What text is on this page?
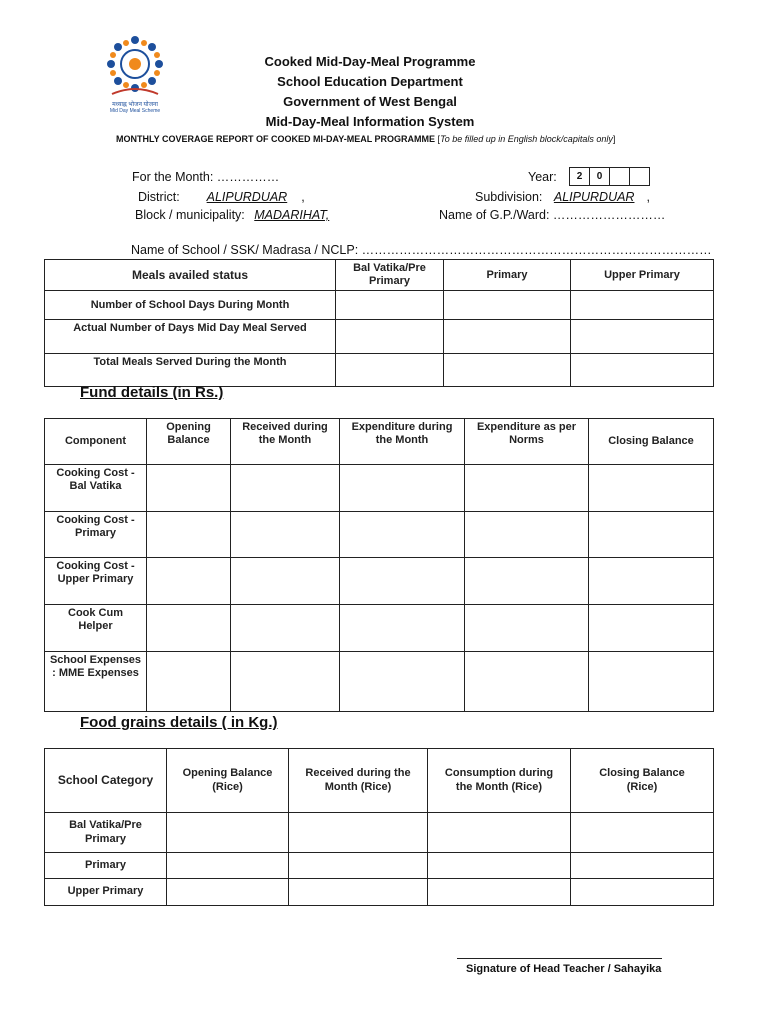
मध्याह्न भोजन योजना
Mid Day Meal Scheme
Cooked Mid-Day-Meal Programme
School Education Department
Government of West Bengal
Mid-Day-Meal Information System
MONTHLY COVERAGE REPORT OF COOKED MI-DAY-MEAL PROGRAMME [To be filled up in English block/capitals only]
For the Month: ……………	Year:	2	0
District: ALIPURDUAR ,	Subdivision: ALIPURDUAR ,
Block / municipality: MADARIHAT,	Name of G.P./Ward: ………………………
Name of School / SSK/ Madrasa / NCLP: …………………………………………………………………………
Meals availed status	Bal Vatika/Pre Primary	Primary	Upper Primary
Number of School Days During Month			
Actual Number of Days Mid Day Meal Served			
Total Meals Served During the Month			
Fund details (in Rs.)
Component	Opening Balance	Received during the Month	Expenditure during the Month	Expenditure as per Norms	Closing Balance
Cooking Cost - Bal Vatika					
Cooking Cost - Primary					
Cooking Cost - Upper Primary					
Cook Cum Helper					
School Expenses : MME Expenses					
Food grains details ( in Kg.)
School Category	Opening Balance (Rice)	Received during the Month (Rice)	Consumption during the Month (Rice)	Closing Balance (Rice)
Bal Vatika/Pre Primary				
Primary				
Upper Primary				
Signature of Head Teacher / Sahayika
